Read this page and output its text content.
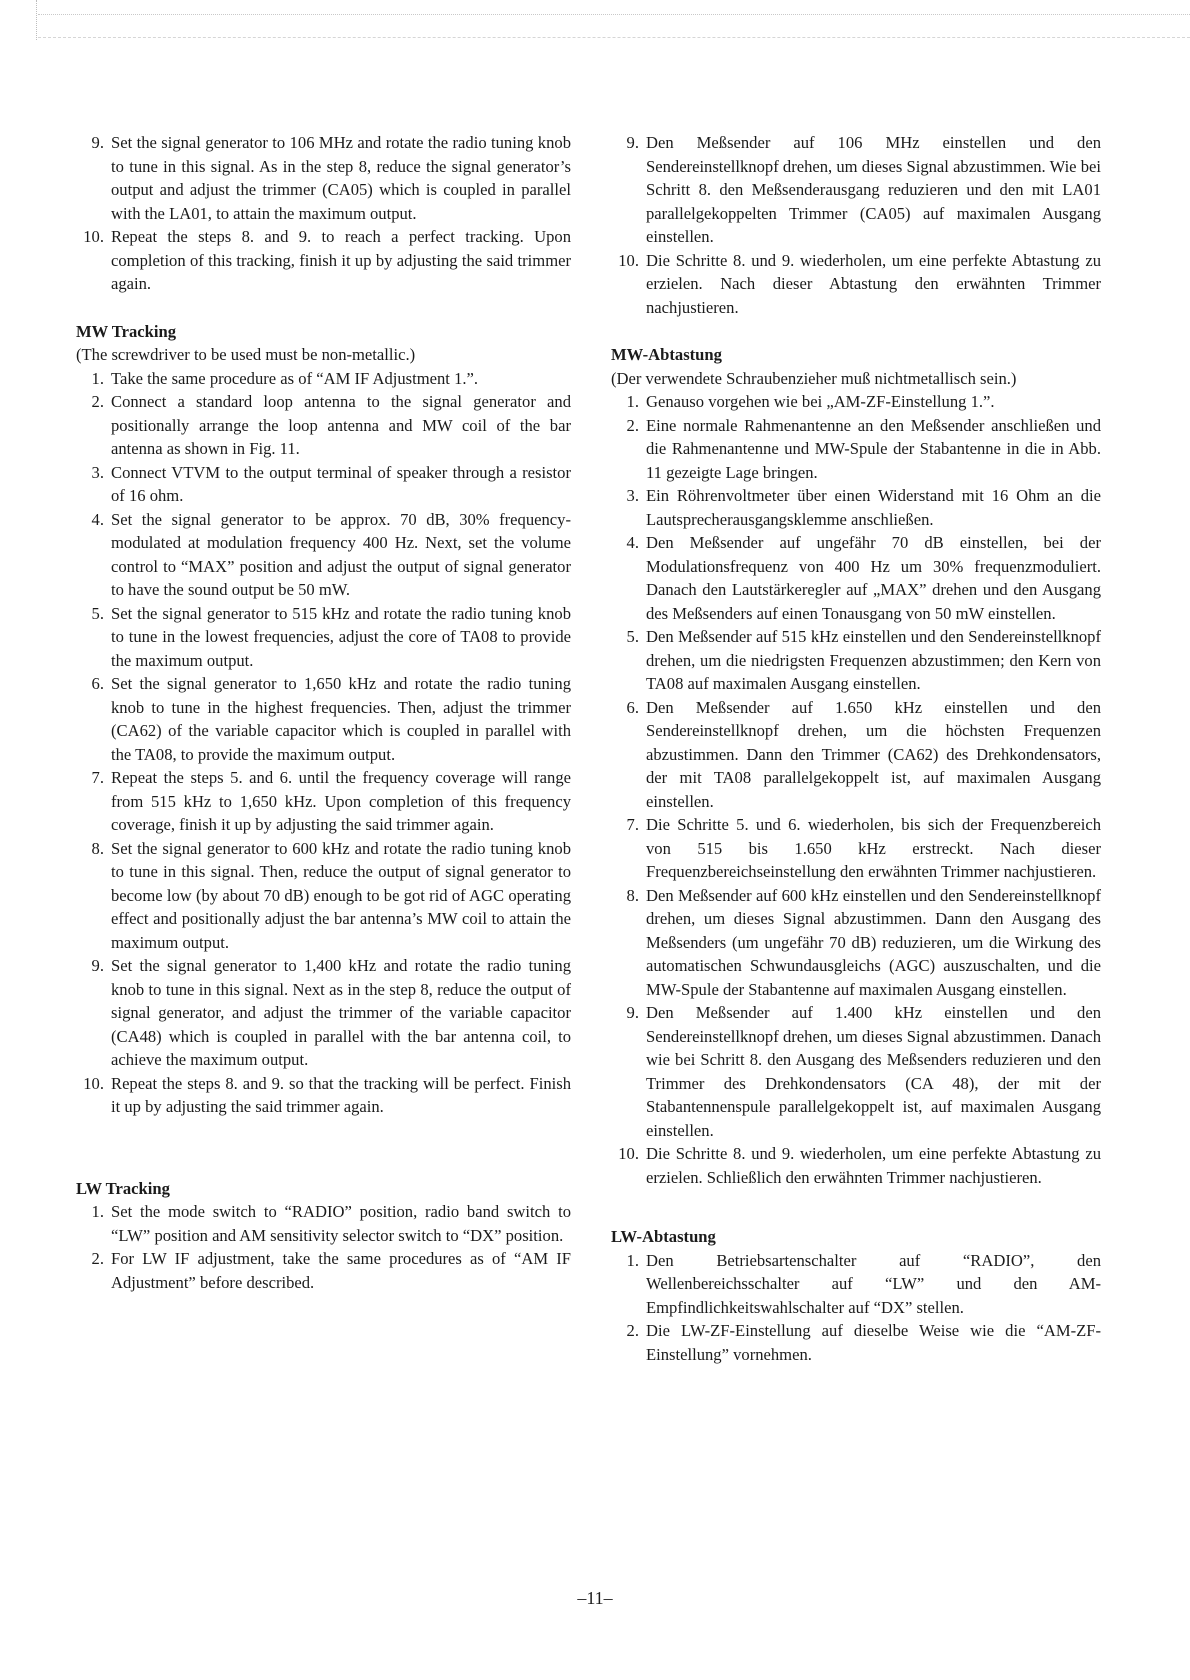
9. Set the signal generator to 106 MHz and rotate the radio tuning knob to tune in this signal. As in the step 8, reduce the signal generator’s output and adjust the trimmer (CA05) which is coupled in parallel with the LA01, to attain the maximum output.
10. Repeat the steps 8. and 9. to reach a perfect tracking. Upon completion of this tracking, finish it up by adjusting the said trimmer again.

MW Tracking

(The screwdriver to be used must be non-metallic.)

1. Take the same procedure as of “AM IF Adjustment 1.”.
2. Connect a standard loop antenna to the signal generator and positionally arrange the loop antenna and MW coil of the bar antenna as shown in Fig. 11.
3. Connect VTVM to the output terminal of speaker through a resistor of 16 ohm.
4. Set the signal generator to be approx. 70 dB, 30% frequency-modulated at modulation frequency 400 Hz. Next, set the volume control to “MAX” position and adjust the output of signal generator to have the sound output be 50 mW.
5. Set the signal generator to 515 kHz and rotate the radio tuning knob to tune in the lowest frequencies, adjust the core of TA08 to provide the maximum output.
6. Set the signal generator to 1,650 kHz and rotate the radio tuning knob to tune in the highest frequencies. Then, adjust the trimmer (CA62) of the variable capacitor which is coupled in parallel with the TA08, to provide the maximum output.
7. Repeat the steps 5. and 6. until the frequency coverage will range from 515 kHz to 1,650 kHz. Upon completion of this frequency coverage, finish it up by adjusting the said trimmer again.
8. Set the signal generator to 600 kHz and rotate the radio tuning knob to tune in this signal. Then, reduce the output of signal generator to become low (by about 70 dB) enough to be got rid of AGC operating effect and positionally adjust the bar antenna’s MW coil to attain the maximum output.
9. Set the signal generator to 1,400 kHz and rotate the radio tuning knob to tune in this signal. Next as in the step 8, reduce the output of signal generator, and adjust the trimmer of the variable capacitor (CA48) which is coupled in parallel with the bar antenna coil, to achieve the maximum output.
10. Repeat the steps 8. and 9. so that the tracking will be perfect. Finish it up by adjusting the said trimmer again.

LW Tracking

1. Set the mode switch to “RADIO” position, radio band switch to “LW” position and AM sensitivity selector switch to “DX” position.
2. For LW IF adjustment, take the same procedures as of “AM IF Adjustment” before described.
9. Den Meßsender auf 106 MHz einstellen und den Sendereinstellknopf drehen, um dieses Signal abzustimmen. Wie bei Schritt 8. den Meßsenderausgang reduzieren und den mit LA01 parallelgekoppelten Trimmer (CA05) auf maximalen Ausgang einstellen.
10. Die Schritte 8. und 9. wiederholen, um eine perfekte Abtastung zu erzielen. Nach dieser Abtastung den erwähnten Trimmer nachjustieren.

MW-Abtastung

(Der verwendete Schraubenzieher muß nichtmetallisch sein.)

1. Genauso vorgehen wie bei „AM-ZF-Einstellung 1.”.
2. Eine normale Rahmenantenne an den Meßsender anschließen und die Rahmenantenne und MW-Spule der Stabantenne in die in Abb. 11 gezeigte Lage bringen.
3. Ein Röhrenvoltmeter über einen Widerstand mit 16 Ohm an die Lautsprecherausgangsklemme anschließen.
4. Den Meßsender auf ungefähr 70 dB einstellen, bei der Modulationsfrequenz von 400 Hz um 30% frequenzmoduliert. Danach den Lautstärkeregler auf „MAX” drehen und den Ausgang des Meßsenders auf einen Tonausgang von 50 mW einstellen.
5. Den Meßsender auf 515 kHz einstellen und den Sendereinstellknopf drehen, um die niedrigsten Frequenzen abzustimmen; den Kern von TA08 auf maximalen Ausgang einstellen.
6. Den Meßsender auf 1.650 kHz einstellen und den Sendereinstellknopf drehen, um die höchsten Frequenzen abzustimmen. Dann den Trimmer (CA62) des Drehkondensators, der mit TA08 parallelgekoppelt ist, auf maximalen Ausgang einstellen.
7. Die Schritte 5. und 6. wiederholen, bis sich der Frequenzbereich von 515 bis 1.650 kHz erstreckt. Nach dieser Frequenzbereichseinstellung den erwähnten Trimmer nachjustieren.
8. Den Meßsender auf 600 kHz einstellen und den Sendereinstellknopf drehen, um dieses Signal abzustimmen. Dann den Ausgang des Meßsenders (um ungefähr 70 dB) reduzieren, um die Wirkung des automatischen Schwundausgleichs (AGC) auszuschalten, und die MW-Spule der Stabantenne auf maximalen Ausgang einstellen.
9. Den Meßsender auf 1.400 kHz einstellen und den Sendereinstellknopf drehen, um dieses Signal abzustimmen. Danach wie bei Schritt 8. den Ausgang des Meßsenders reduzieren und den Trimmer des Drehkondensators (CA 48), der mit der Stabantennenspule parallelgekoppelt ist, auf maximalen Ausgang einstellen.
10. Die Schritte 8. und 9. wiederholen, um eine perfekte Abtastung zu erzielen. Schließlich den erwähnten Trimmer nachjustieren.

LW-Abtastung

1. Den Betriebsartenschalter auf “RADIO”, den Wellenbereichsschalter auf “LW” und den AM-Empfindlichkeitswahlschalter auf “DX” stellen.
2. Die LW-ZF-Einstellung auf dieselbe Weise wie die “AM-ZF-Einstellung” vornehmen.
–11–
